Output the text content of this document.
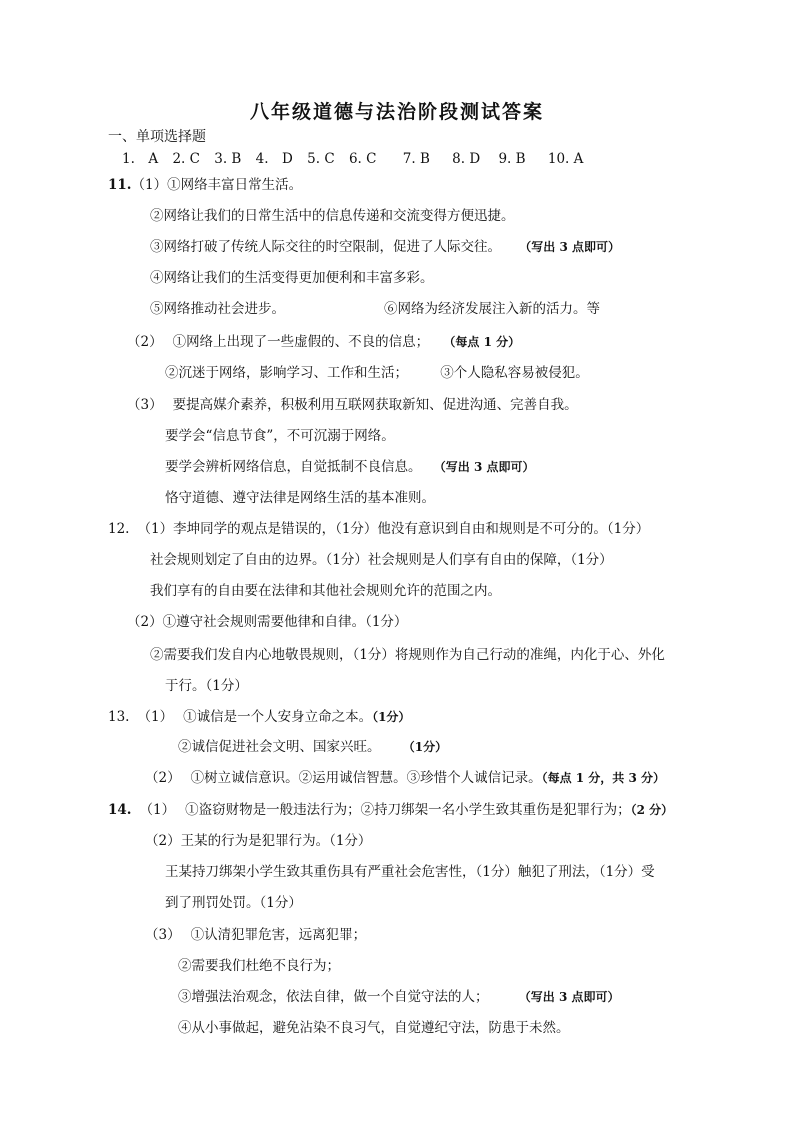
八年级道德与法治阶段测试答案
一、单项选择题
1.　A 2. C 3. B 4.　D 5. C 6. C 7. B 8. D 9. B 10. A
11.（1）①网络丰富日常生活。
②网络让我们的日常生活中的信息传递和交流变得方便迅捷。
③网络打破了传统人际交往的时空限制，促进了人际交往。 （写出 3 点即可）
④网络让我们的生活变得更加便利和丰富多彩。
⑤网络推动社会进步。	⑥网络为经济发展注入新的活力。等
（2） ①网络上出现了一些虚假的、不良的信息； （每点 1 分）
②沉迷于网络，影响学习、工作和生活； ③个人隐私容易被侵犯。
（3） 要提高媒介素养，积极利用互联网获取新知、促进沟通、完善自我。
要学会“信息节食”，不可沉溺于网络。
要学会辨析网络信息，自觉抵制不良信息。 （写出 3 点即可）
恪守道德、遵守法律是网络生活的基本准则。
12. （1）李坤同学的观点是错误的，（1分）他没有意识到自由和规则是不可分的。（1分）
社会规则划定了自由的边界。（1分）社会规则是人们享有自由的保障，（1分）
我们享有的自由要在法律和其他社会规则允许的范围之内。
（2）①遵守社会规则需要他律和自律。（1分）
②需要我们发自内心地敬畏规则，（1分）将规则作为自己行动的准绳，内化于心、外化
于行。（1分）
13. （1） ①诚信是一个人安身立命之本。（1分）
②诚信促进社会文明、国家兴旺。 （1分）
（2） ①树立诚信意识。②运用诚信智慧。③珍惜个人诚信记录。（每点 1 分，共 3 分）
14. （1） ①盗窃财物是一般违法行为；②持刀绑架一名小学生致其重伤是犯罪行为；（2 分）
（2）王某的行为是犯罪行为。（1分）
王某持刀绑架小学生致其重伤具有严重社会危害性，（1分）触犯了刑法，（1分）受
到了刑罚处罚。（1分）
（3） ①认清犯罪危害，远离犯罪；
②需要我们杜绝不良行为；
③增强法治观念，依法自律，做一个自觉守法的人；	（写出 3 点即可）
④从小事做起，避免沾染不良习气，自觉遵纪守法，防患于未然。
